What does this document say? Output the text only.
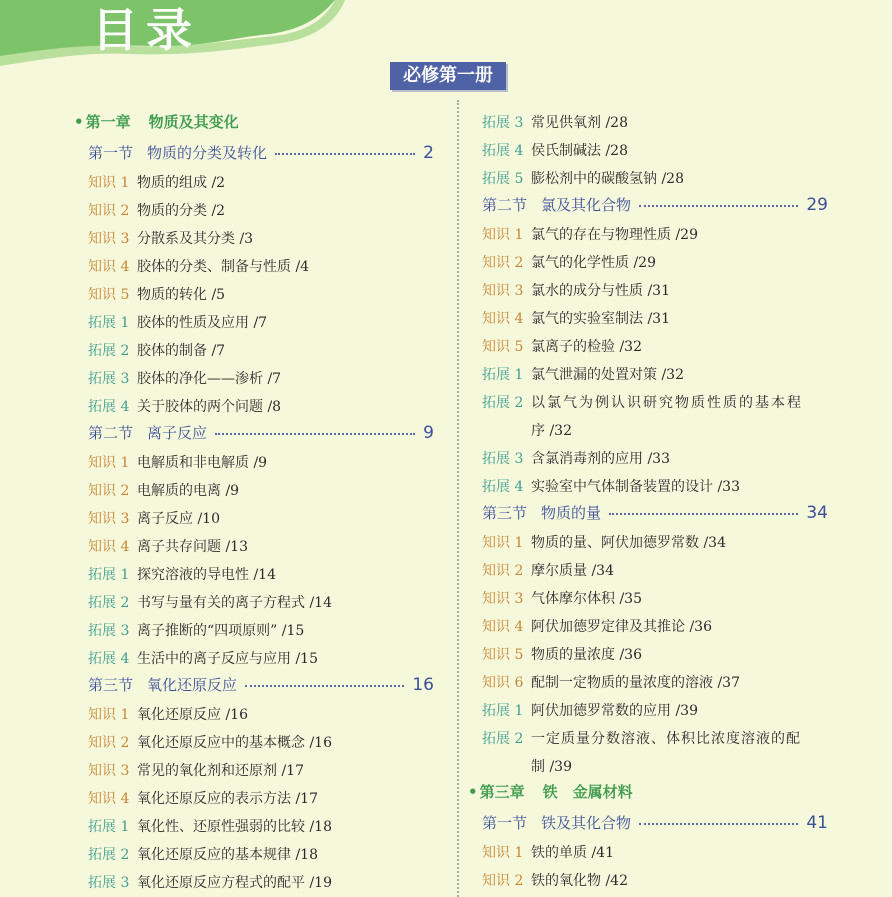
目录
必修第一册
• 第一章 物质及其变化
第一节 物质的分类及转化	2
知识 1 物质的组成 /2
知识 2 物质的分类 /2
知识 3 分散系及其分类 /3
知识 4 胶体的分类、制备与性质 /4
知识 5 物质的转化 /5
拓展 1 胶体的性质及应用 /7
拓展 2 胶体的制备 /7
拓展 3 胶体的净化——渗析 /7
拓展 4 关于胶体的两个问题 /8
第二节 离子反应	9
知识 1 电解质和非电解质 /9
知识 2 电解质的电离 /9
知识 3 离子反应 /10
知识 4 离子共存问题 /13
拓展 1 探究溶液的导电性 /14
拓展 2 书写与量有关的离子方程式 /14
拓展 3 离子推断的“四项原则” /15
拓展 4 生活中的离子反应与应用 /15
第三节 氧化还原反应	16
知识 1 氧化还原反应 /16
知识 2 氧化还原反应中的基本概念 /16
知识 3 常见的氧化剂和还原剂 /17
知识 4 氧化还原反应的表示方法 /17
拓展 1 氧化性、还原性强弱的比较 /18
拓展 2 氧化还原反应的基本规律 /18
拓展 3 氧化还原反应方程式的配平 /19
拓展 3 常见供氧剂 /28
拓展 4 侯氏制碱法 /28
拓展 5 膨松剂中的碳酸氢钠 /28
第二节 氯及其化合物	29
知识 1 氯气的存在与物理性质 /29
知识 2 氯气的化学性质 /29
知识 3 氯水的成分与性质 /31
知识 4 氯气的实验室制法 /31
知识 5 氯离子的检验 /32
拓展 1 氯气泄漏的处置对策 /32
拓展 2 以氯气为例认识研究物质性质的基本程
序 /32
拓展 3 含氯消毒剂的应用 /33
拓展 4 实验室中气体制备装置的设计 /33
第三节 物质的量	34
知识 1 物质的量、阿伏加德罗常数 /34
知识 2 摩尔质量 /34
知识 3 气体摩尔体积 /35
知识 4 阿伏加德罗定律及其推论 /36
知识 5 物质的量浓度 /36
知识 6 配制一定物质的量浓度的溶液 /37
拓展 1 阿伏加德罗常数的应用 /39
拓展 2 一定质量分数溶液、体积比浓度溶液的配
制 /39
• 第三章 铁　金属材料
第一节 铁及其化合物	41
知识 1 铁的单质 /41
知识 2 铁的氧化物 /42
